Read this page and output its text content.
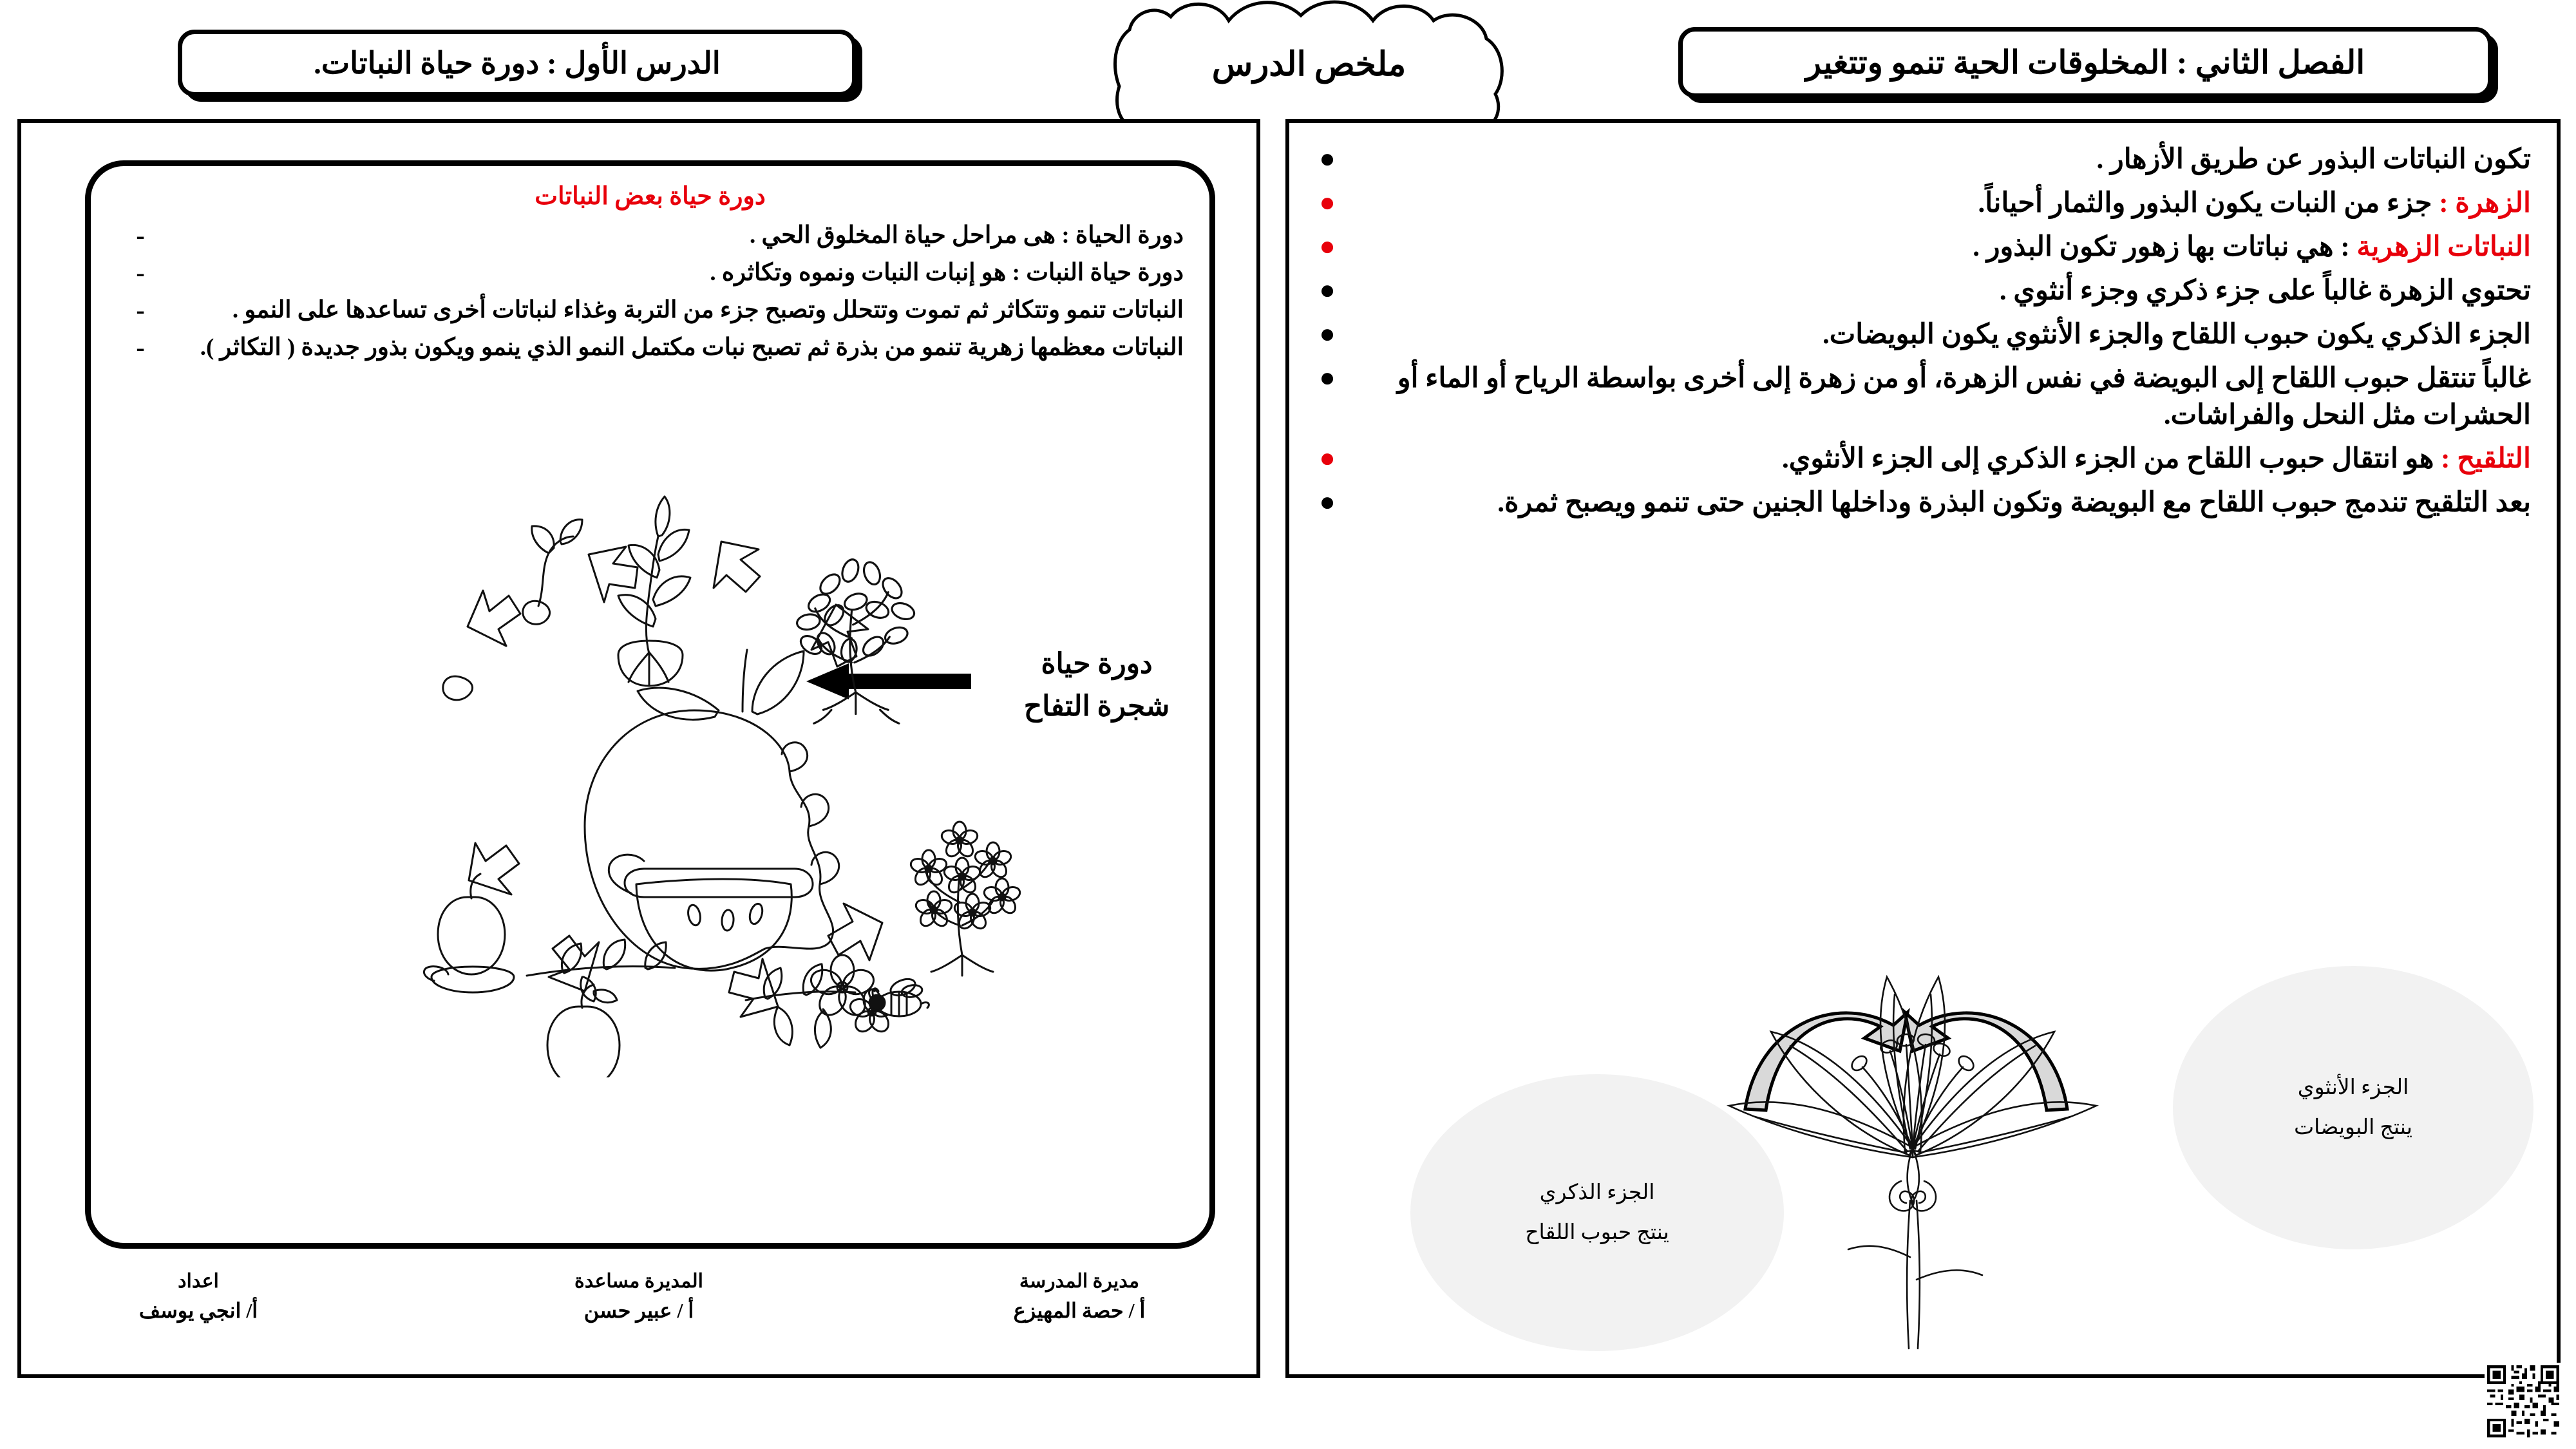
الفصل الثاني : المخلوقات الحية تنمو وتتغير
ملخص الدرس
الدرس الأول : دورة حياة النباتات.
●	تكون النباتات البذور عن طريق الأزهار .
●	الزهرة : جزء من النبات يكون البذور والثمار أحياناً.
●	النباتات الزهرية : هي نباتات بها زهور تكون البذور .
●	تحتوي الزهرة غالباً على جزء ذكري وجزء أنثوي .
●	الجزء الذكري يكون حبوب اللقاح والجزء الأنثوي يكون البويضات.
●	غالباً تنتقل حبوب اللقاح إلى البويضة في نفس الزهرة، أو من زهرة إلى أخرى بواسطة الرياح أو الماء أو الحشرات مثل النحل والفراشات.
●	التلقيح : هو انتقال حبوب اللقاح من الجزء الذكري إلى الجزء الأنثوي.
●	بعد التلقيح تندمج حبوب اللقاح مع البويضة وتكون البذرة وداخلها الجنين حتى تنمو ويصبح ثمرة.
الجزء الأنثوي
ينتج البويضات
الجزء الذكري
ينتج حبوب اللقاح
دورة حياة بعض النباتات
-	دورة الحياة : هى مراحل حياة المخلوق الحي .
-	دورة حياة النبات : هو إنبات النبات ونموه وتكاثره .
-	النباتات تنمو وتتكاثر ثم تموت وتتحلل وتصبح جزء من التربة وغذاء لنباتات أخرى تساعدها على النمو .
-	النباتات معظمها زهرية تنمو من بذرة ثم تصبح نبات مكتمل النمو الذي ينمو ويكون بذور جديدة ( التكاثر ).
دورة حياة
شجرة التفاح
اعداد
أ/ انجي يوسف
المديرة مساعدة
أ / عبير حسن
مديرة المدرسة
أ / حصة المهيزع
